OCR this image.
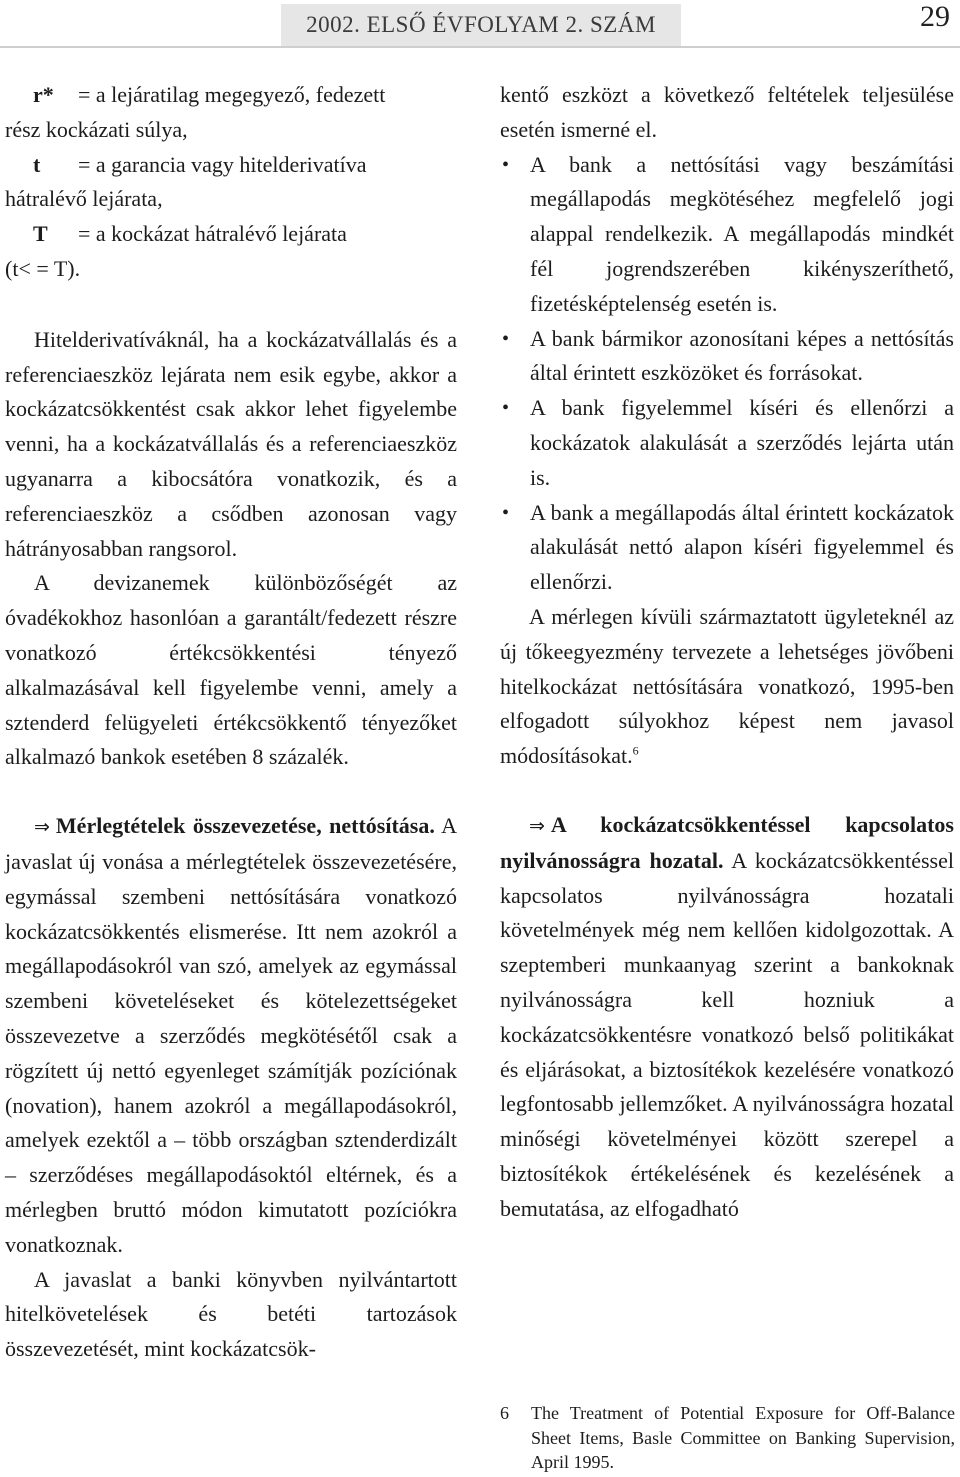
2002. ELSŐ ÉVFOLYAM 2. SZÁM	29
r*	= a lejáratilag megegyező, fedezett

rész kockázati súlya,

t	= a garancia vagy hitelderivatíva

hátralévő lejárata,

T	= a kockázat hátralévő lejárata

(t< = T).

Hitelderivatíváknál, ha a kockázatvállalás és a referenciaeszköz lejárata nem esik egybe, akkor a kockázatcsökkentést csak akkor lehet figyelembe venni, ha a kockázatvállalás és a referenciaeszköz ugyanarra a kibocsátóra vonatkozik, és a referenciaeszköz a csődben azonosan vagy hátrányosabban rangsorol.

A devizanemek különbözőségét az óvadékokhoz hasonlóan a garantált/fedezett részre vonatkozó értékcsökkentési tényező alkalmazásával kell figyelembe venni, amely a sztenderd felügyeleti értékcsökkentő tényezőket alkalmazó bankok esetében 8 százalék.

⇒ Mérlegtételek összevezetése, nettósítása. A javaslat új vonása a mérlegtételek összevezetésére, egymással szembeni nettósítására vonatkozó kockázatcsökkentés elismerése. Itt nem azokról a megállapodásokról van szó, amelyek az egymással szembeni követeléseket és kötelezettségeket összevezetve a szerződés megkötésétől csak a rögzített új nettó egyenleget számítják pozíciónak (novation), hanem azokról a megállapodásokról, amelyek ezektől a – több országban sztenderdizált – szerződéses megállapodásoktól eltérnek, és a mérlegben bruttó módon kimutatott pozíciókra vonatkoznak.

A javaslat a banki könyvben nyilvántartott hitelkövetelések és betéti tartozások összevezetését, mint kockázatcsök-

kentő eszközt a következő feltételek teljesülése esetén ismerné el.

• A bank a nettósítási vagy beszámítási megállapodás megkötéséhez megfelelő jogi alappal rendelkezik. A megállapodás mindkét fél jogrendszerében kikényszeríthető, fizetésképtelenség esetén is.
• A bank bármikor azonosítani képes a nettósítás által érintett eszközöket és forrásokat.
• A bank figyelemmel kíséri és ellenőrzi a kockázatok alakulását a szerződés lejárta után is.
• A bank a megállapodás által érintett kockázatok alakulását nettó alapon kíséri figyelemmel és ellenőrzi.

A mérlegen kívüli származtatott ügyleteknél az új tőkeegyezmény tervezete a lehetséges jövőbeni hitelkockázat nettósítására vonatkozó, 1995-ben elfogadott súlyokhoz képest nem javasol módosításokat.$^6$

⇒ A kockázatcsökkentéssel kapcsolatos nyilvánosságra hozatal. A kockázatcsökkentéssel kapcsolatos nyilvánosságra hozatali követelmények még nem kellően kidolgozottak. A szeptemberi munkaanyag szerint a bankoknak nyilvánosságra kell hozniuk a kockázatcsökkentésre vonatkozó belső politikákat és eljárásokat, a biztosítékok kezelésére vonatkozó legfontosabb jellemzőket. A nyilvánosságra hozatal minőségi követelményei között szerepel a biztosítékok értékelésének és kezelésének a bemutatása, az elfogadható

6	The Treatment of Potential Exposure for Off-Balance Sheet Items, Basle Committee on Banking Supervision, April 1995.
